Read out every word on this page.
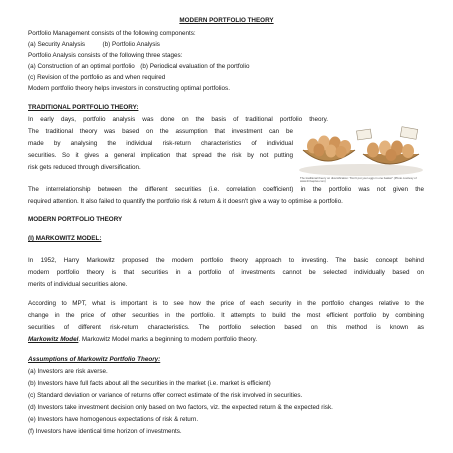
MODERN PORTFOLIO THEORY
Portfolio Management consists of the following components:
(a) Security Analysis	(b) Portfolio Analysis
Portfolio Analysis consists of the following three stages:
(a) Construction of an optimal portfolio (b) Periodical evaluation of the portfolio
(c) Revision of the portfolio as and when required
Modern portfolio theory helps investors in constructing optimal portfolios.
TRADITIONAL PORTFOLIO THEORY:
In early days, portfolio analysis was done on the basis of traditional portfolio theory.
The traditional theory was based on the assumption that investment can be
made by analysing the individual risk-return characteristics of individual
securities. So it gives a general implication that spread the risk by not putting
risk gets reduced through diversification.
The traditional theory on diversification: "Don't put your eggs in one basket" (Photo courtesy of www.thriveplus.com)
The interrelationship between the different securities (i.e. correlation coefficient) in the portfolio was not given the
required attention. It also failed to quantify the portfolio risk & return & it doesn't give a way to optimise a portfolio.
MODERN PORTFOLIO THEORY
(I) MARKOWITZ MODEL:
In 1952, Harry Markowitz proposed the modern portfolio theory approach to investing. The basic concept behind
modern portfolio theory is that securities in a portfolio of investments cannot be selected individually based on
merits of individual securities alone.
According to MPT, what is important is to see how the price of each security in the portfolio changes relative to the
change in the price of other securities in the portfolio. It attempts to build the most efficient portfolio by combining
securities of different risk-return characteristics. The portfolio selection based on this method is known as
Markowitz Model. Markowitz Model marks a beginning to modern portfolio theory.
Assumptions of Markowitz Portfolio Theory:
(a) Investors are risk averse.
(b) Investors have full facts about all the securities in the market (i.e. market is efficient)
(c) Standard deviation or variance of returns offer correct estimate of the risk involved in securities.
(d) Investors take investment decision only based on two factors, viz. the expected return & the expected risk.
(e) Investors have homogenous expectations of risk & return.
(f) Investors have identical time horizon of investments.
